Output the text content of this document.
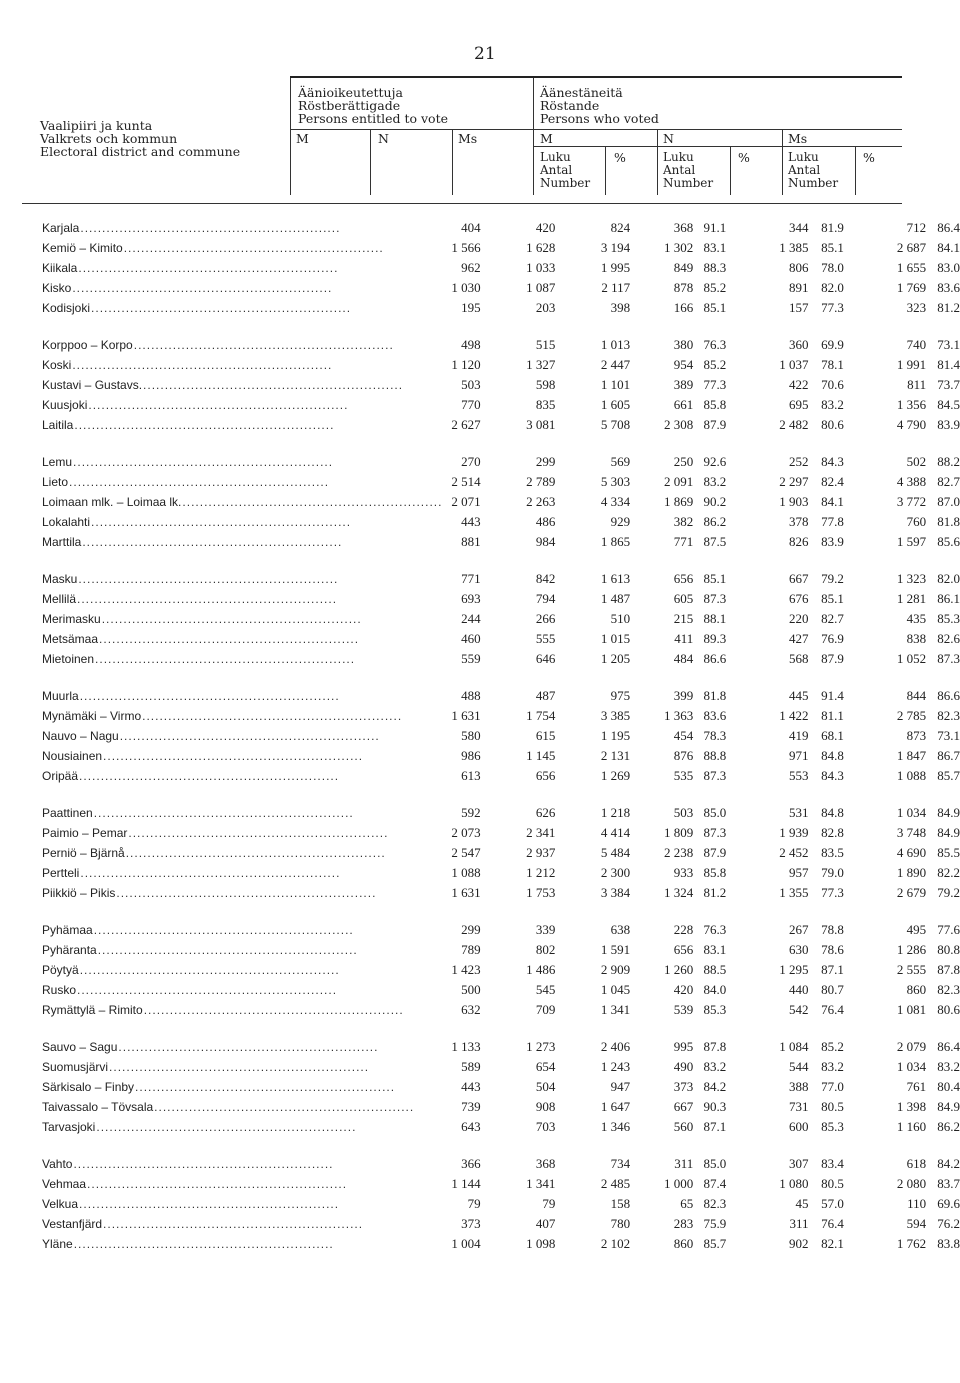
21
Vaalipiiri ja kunta
Valkrets och kommun
Electoral district and commune
Äänioikeutettuja
Röstberättigade
Persons entitled to vote
Äänestäneitä
Röstande
Persons who voted
M	N	Ms	M	N	Ms
Luku
Antal
Number
%	Luku
Antal
Number
%	Luku
Antal
Number
%
Karjala............................................................	404	420	824	368	91.1	344	81.9	712	86.4
Kemiö – Kimito............................................................	1 566	1 628	3 194	1 302	83.1	1 385	85.1	2 687	84.1
Kiikala............................................................	962	1 033	1 995	849	88.3	806	78.0	1 655	83.0
Kisko............................................................	1 030	1 087	2 117	878	85.2	891	82.0	1 769	83.6
Kodisjoki............................................................	195	203	398	166	85.1	157	77.3	323	81.2

Korppoo – Korpo............................................................	498	515	1 013	380	76.3	360	69.9	740	73.1
Koski............................................................	1 120	1 327	2 447	954	85.2	1 037	78.1	1 991	81.4
Kustavi – Gustavs.............................................................	503	598	1 101	389	77.3	422	70.6	811	73.7
Kuusjoki............................................................	770	835	1 605	661	85.8	695	83.2	1 356	84.5
Laitila............................................................	2 627	3 081	5 708	2 308	87.9	2 482	80.6	4 790	83.9

Lemu............................................................	270	299	569	250	92.6	252	84.3	502	88.2
Lieto............................................................	2 514	2 789	5 303	2 091	83.2	2 297	82.4	4 388	82.7
Loimaan mlk. – Loimaa lk.............................................................	2 071	2 263	4 334	1 869	90.2	1 903	84.1	3 772	87.0
Lokalahti............................................................	443	486	929	382	86.2	378	77.8	760	81.8
Marttila............................................................	881	984	1 865	771	87.5	826	83.9	1 597	85.6

Masku............................................................	771	842	1 613	656	85.1	667	79.2	1 323	82.0
Mellilä............................................................	693	794	1 487	605	87.3	676	85.1	1 281	86.1
Merimasku............................................................	244	266	510	215	88.1	220	82.7	435	85.3
Metsämaa............................................................	460	555	1 015	411	89.3	427	76.9	838	82.6
Mietoinen............................................................	559	646	1 205	484	86.6	568	87.9	1 052	87.3

Muurla............................................................	488	487	975	399	81.8	445	91.4	844	86.6
Mynämäki – Virmo............................................................	1 631	1 754	3 385	1 363	83.6	1 422	81.1	2 785	82.3
Nauvo – Nagu............................................................	580	615	1 195	454	78.3	419	68.1	873	73.1
Nousiainen............................................................	986	1 145	2 131	876	88.8	971	84.8	1 847	86.7
Oripää............................................................	613	656	1 269	535	87.3	553	84.3	1 088	85.7

Paattinen............................................................	592	626	1 218	503	85.0	531	84.8	1 034	84.9
Paimio – Pemar............................................................	2 073	2 341	4 414	1 809	87.3	1 939	82.8	3 748	84.9
Perniö – Bjärnå............................................................	2 547	2 937	5 484	2 238	87.9	2 452	83.5	4 690	85.5
Pertteli............................................................	1 088	1 212	2 300	933	85.8	957	79.0	1 890	82.2
Piikkiö – Pikis............................................................	1 631	1 753	3 384	1 324	81.2	1 355	77.3	2 679	79.2

Pyhämaa............................................................	299	339	638	228	76.3	267	78.8	495	77.6
Pyhäranta............................................................	789	802	1 591	656	83.1	630	78.6	1 286	80.8
Pöytyä............................................................	1 423	1 486	2 909	1 260	88.5	1 295	87.1	2 555	87.8
Rusko............................................................	500	545	1 045	420	84.0	440	80.7	860	82.3
Rymättylä – Rimito............................................................	632	709	1 341	539	85.3	542	76.4	1 081	80.6

Sauvo – Sagu............................................................	1 133	1 273	2 406	995	87.8	1 084	85.2	2 079	86.4
Suomusjärvi............................................................	589	654	1 243	490	83.2	544	83.2	1 034	83.2
Särkisalo – Finby............................................................	443	504	947	373	84.2	388	77.0	761	80.4
Taivassalo – Tövsala............................................................	739	908	1 647	667	90.3	731	80.5	1 398	84.9
Tarvasjoki............................................................	643	703	1 346	560	87.1	600	85.3	1 160	86.2

Vahto............................................................	366	368	734	311	85.0	307	83.4	618	84.2
Vehmaa............................................................	1 144	1 341	2 485	1 000	87.4	1 080	80.5	2 080	83.7
Velkua............................................................	79	79	158	65	82.3	45	57.0	110	69.6
Vestanfjärd............................................................	373	407	780	283	75.9	311	76.4	594	76.2
Yläne............................................................	1 004	1 098	2 102	860	85.7	902	82.1	1 762	83.8
